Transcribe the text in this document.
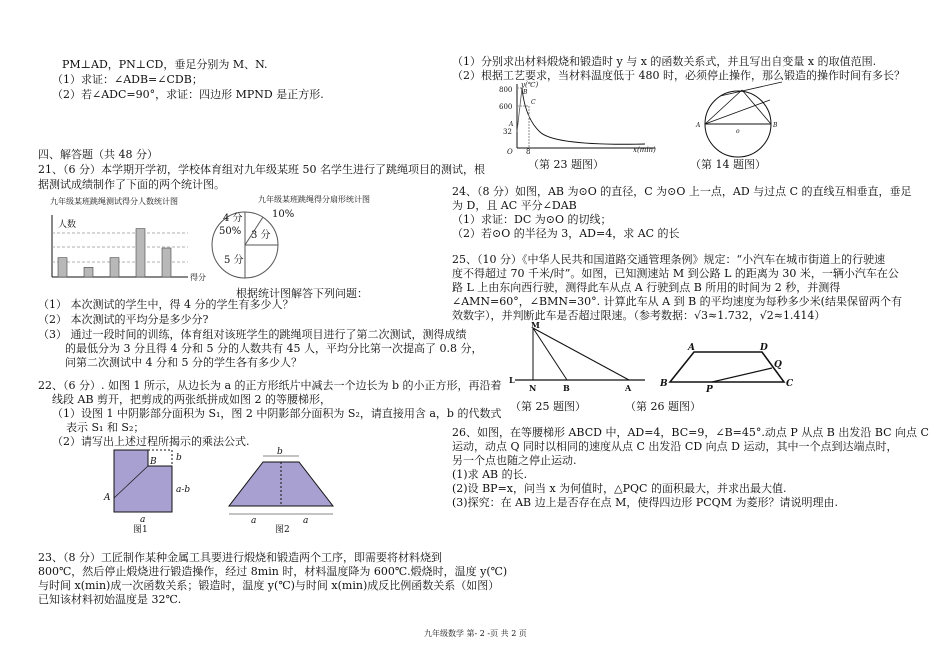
PM⊥AD，PN⊥CD，垂足分别为 M、N.
（1）求证：∠ADB=∠CDB；
（2）若∠ADC=90°，求证：四边形 MPND 是正方形.
四、解答题（共 48 分）
21、（6 分）本学期开学初，学校体育组对九年级某班 50 名学生进行了跳绳项目的测试，根
据测试成绩制作了下面的两个统计图。
九年级某班跳绳测试得分人数统计图	九年级某班跳绳得分扇形统计图
人数
得分
4 分
50% 3 分
5 分
10%
根据统计图解答下列问题：
（1） 本次测试的学生中，得 4 分的学生有多少人？
（2） 本次测试的平均分是多少分?
（3） 通过一段时间的训练，体育组对该班学生的跳绳项目进行了第二次测试，测得成绩
的最低分为 3 分且得 4 分和 5 分的人数共有 45 人，平均分比第一次提高了 0.8 分，
问第二次测试中 4 分和 5 分的学生各有多少人？
22、（6 分）. 如图 1 所示，从边长为 a 的正方形纸片中减去一个边长为 b 的小正方形，再沿着
线段 AB 剪开，把剪成的两张纸拼成如图 2 的等腰梯形，
（1）设图 1 中阴影部分面积为 S₁，图 2 中阴影部分面积为 S₂，请直接用含 a，b 的代数式
表示 S₁ 和 S₂；
（2）请写出上述过程所揭示的乘法公式.
b
a-b
a
A
B
图1
b
a	a
图2
23、（8 分）工匠制作某种金属工具要进行煅烧和锻造两个工序，即需要将材料烧到
800℃，然后停止煅烧进行锻造操作，经过 8min 时，材料温度降为 600℃.煅烧时，温度 y(℃)
与时间 x(min)成一次函数关系；锻造时，温度 y(℃)与时间 x(min)成反比例函数关系（如图）
已知该材料初始温度是 32℃.
（1）分别求出材料煅烧和锻造时 y 与 x 的函数关系式，并且写出自变量 x 的取值范围.
（2）根据工艺要求，当材料温度低于 480 时，必须停止操作，那么锻造的操作时间有多长？
y(℃)
x(min)
800
600
32
O 8
B
C
A	A
o
B
（第 23 题图）	（第 14 题图）
24、（8 分）如图，AB 为⊙O 的直径，C 为⊙O 上一点，AD 与过点 C 的直线互相垂直，垂足
为 D，且 AC 平分∠DAB
（1）求证：DC 为⊙O 的切线；
（2）若⊙O 的半径为 3，AD=4，求 AC 的长
25、（10 分）《中华人民共和国道路交通管理条例》规定：“小汽车在城市街道上的行驶速
度不得超过 70 千米/时”。如图，已知测速站 M 到公路 L 的距离为 30 米，一辆小汽车在公
路 L 上由东向西行驶，测得此车从点 A 行驶到点 B 所用的时间为 2 秒，并测得
∠AMN=60°，∠BMN=30°. 计算此车从 A 到 B 的平均速度为每秒多少米(结果保留两个有
效数字），并判断此车是否超过限速。（参考数据：√3≈1.732，√2≈1.414）
M
L
N	B	A
A	D
Q
B
P
C
（第 25 题图）	（第 26 题图）
26、如图，在等腰梯形 ABCD 中，AD=4，BC=9，∠B=45°.动点 P 从点 B 出发沿 BC 向点 C
运动，动点 Q 同时以相同的速度从点 C 出发沿 CD 向点 D 运动，其中一个点到达端点时，
另一个点也随之停止运动.
(1)求 AB 的长.
(2)设 BP=x，问当 x 为何值时，△PQC 的面积最大，并求出最大值.
(3)探究：在 AB 边上是否存在点 M，使得四边形 PCQM 为菱形？请说明理由.
九年级数学 第- 2 -页 共 2 页
